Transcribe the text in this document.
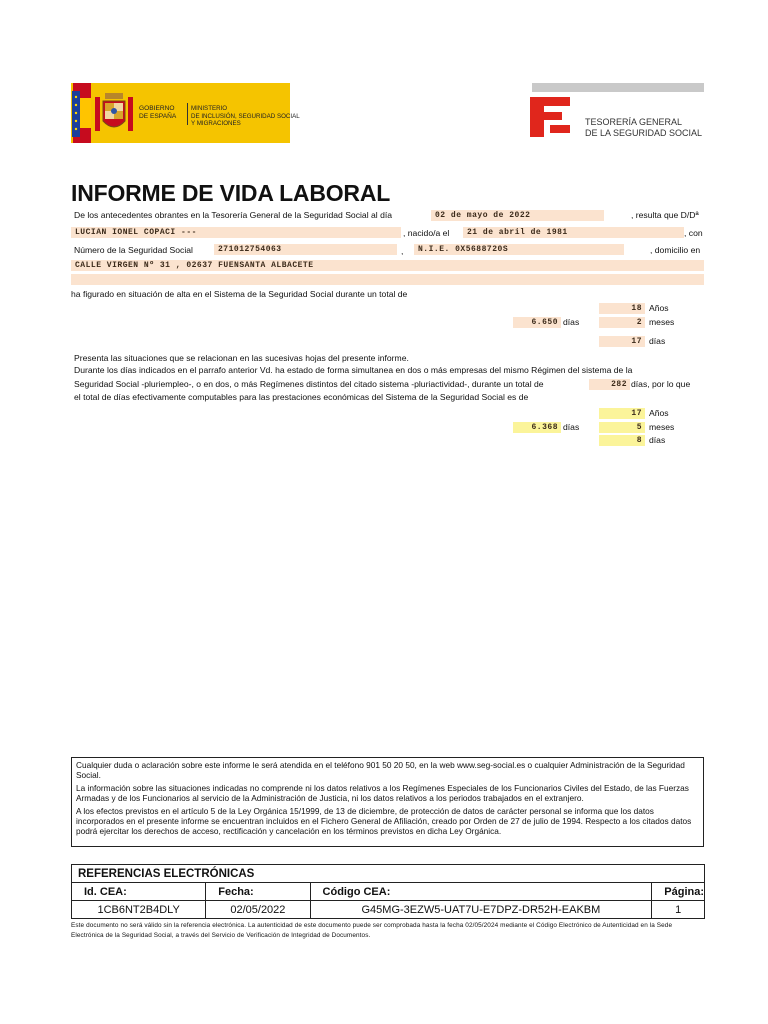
GOBIERNO
DE ESPAÑA
MINISTERIO
DE INCLUSIÓN, SEGURIDAD SOCIAL
Y MIGRACIONES	TESORERÍA GENERAL
DE LA SEGURIDAD SOCIAL
INFORME DE VIDA LABORAL
De los antecedentes obrantes en la Tesorería General de la Seguridad Social al día	02 de mayo de 2022	, resulta que D/Dª
LUCIAN IONEL COPACI ---	, nacido/a el	21 de abril de 1981	, con
Número de la Seguridad Social	271012754063	,	N.I.E. 0X5688720S	, domicilio en
CALLE VIRGEN Nº 31 , 02637 FUENSANTA ALBACETE
ha figurado en situación de alta en el Sistema de la Seguridad Social durante un total de
18 Años
6.650 días	2 meses
17 días
Presenta las situaciones que se relacionan en las sucesivas hojas del presente informe.
Durante los días indicados en el parrafo anterior Vd. ha estado de forma simultanea en dos o más empresas del mismo Régimen del sistema de la
Seguridad Social -pluriempleo-, o en dos, o más Regímenes distintos del citado sistema -pluriactividad-, durante un total de	282 días, por lo que
el total de días efectivamente computables para las prestaciones económicas del Sistema de la Seguridad Social es de
17 Años
6.368 días	5 meses
8 días

Cualquier duda o aclaración sobre este informe le será atendida en el teléfono 901 50 20 50, en la web www.seg-social.es o cualquier Administración de la Seguridad Social.

La información sobre las situaciones indicadas no comprende ni los datos relativos a los Regímenes Especiales de los Funcionarios Civiles del Estado, de las Fuerzas Armadas y de los Funcionarios al servicio de la Administración de Justicia, ni los datos relativos a los periodos trabajados en el extranjero.

A los efectos previstos en el artículo 5 de la Ley Orgánica 15/1999, de 13 de diciembre, de protección de datos de carácter personal se informa que los datos incorporados en el presente informe se encuentran incluidos en el Fichero General de Afiliación, creado por Orden de 27 de julio de 1994. Respecto a los citados datos podrá ejercitar los derechos de acceso, rectificación y cancelación en los términos previstos en dicha Ley Orgánica.

REFERENCIAS ELECTRÓNICAS			
Id. CEA:	Fecha:	Código CEA:	Página:
1CB6NT2B4DLY	02/05/2022	G45MG-3EZW5-UAT7U-E7DPZ-DR52H-EAKBM	1
Este documento no será válido sin la referencia electrónica. La autenticidad de este documento puede ser comprobada hasta la fecha 02/05/2024 mediante el Código Electrónico de Autenticidad en la Sede Electrónica de la Seguridad Social, a través del Servicio de Verificación de Integridad de Documentos.
